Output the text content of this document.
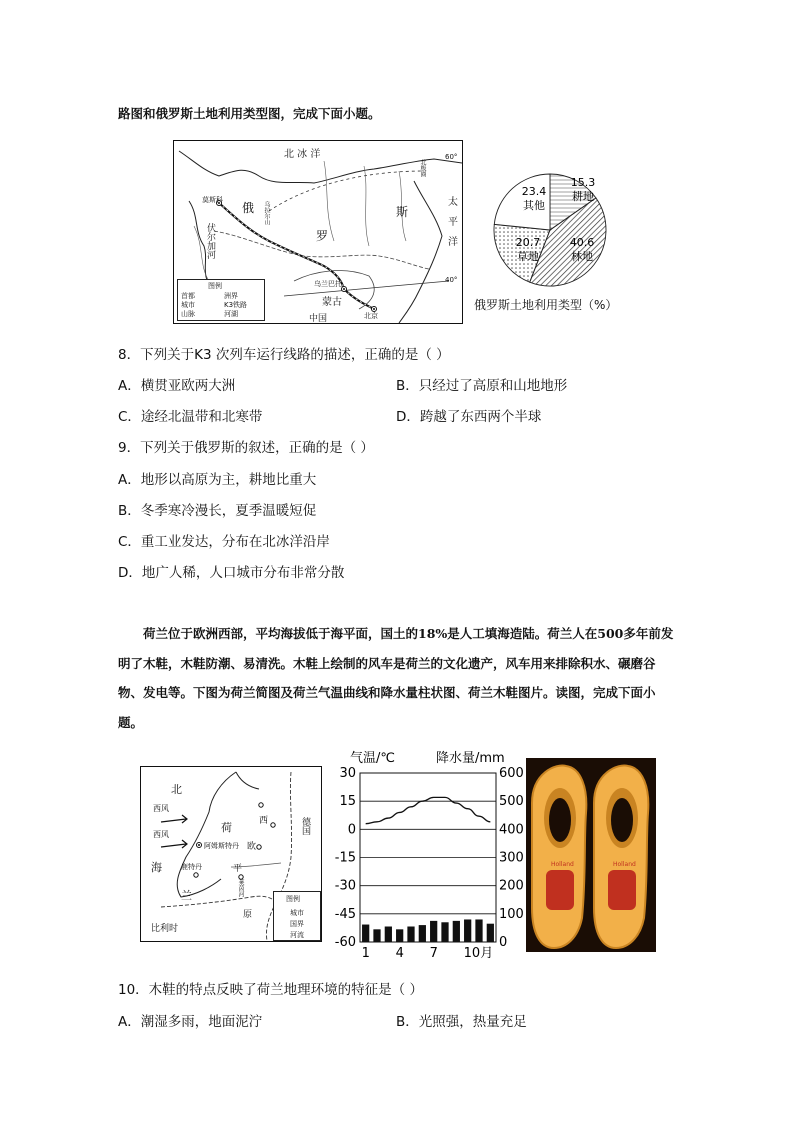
路图和俄罗斯土地利用类型图，完成下面小题。
北 冰 洋
太
平
洋
北极圈
60°
40°
俄
罗
斯
莫斯科
蒙古
乌兰巴托
北京
中国
乌拉尔山
伏尔加河
图例
首都
城市
山脉
洲界
K3铁路
河湖
15.3
耕地
40.6
林地
20.7
草地
23.4
其他
俄罗斯土地利用类型（%）
8．下列关于K3 次列车运行线路的描述，正确的是（ ）
A．横贯亚欧两大洲	B．只经过了高原和山地地形
C．途经北温带和北寒带	D．跨越了东西两个半球
9．下列关于俄罗斯的叙述，正确的是（ ）
A．地形以高原为主，耕地比重大
B．冬季寒冷漫长，夏季温暖短促
C．重工业发达，分布在北冰洋沿岸
D．地广人稀，人口城市分布非常分散
荷兰位于欧洲西部，平均海拔低于海平面，国土的18%是人工填海造陆。荷兰人在500多年前发明了木鞋，木鞋防潮、易清洗。木鞋上绘制的风车是荷兰的文化遗产，风车用来排除积水、碾磨谷物、发电等。下图为荷兰简图及荷兰气温曲线和降水量柱状图、荷兰木鞋图片。读图，完成下面小题。
北
西风
西风
海
荷
兰
西
欧
平
原
阿姆斯特丹
鹿特丹
德国
比利时
莱茵河
图例
城市
国界
河流
气温/℃	降水量/mm
30
15
0
-15
-30
-45
-60
600
500
400
300
200
100
0
1 4 7 10月
Holland	Holland
10．木鞋的特点反映了荷兰地理环境的特征是（ ）
A．潮湿多雨，地面泥泞	B．光照强，热量充足
